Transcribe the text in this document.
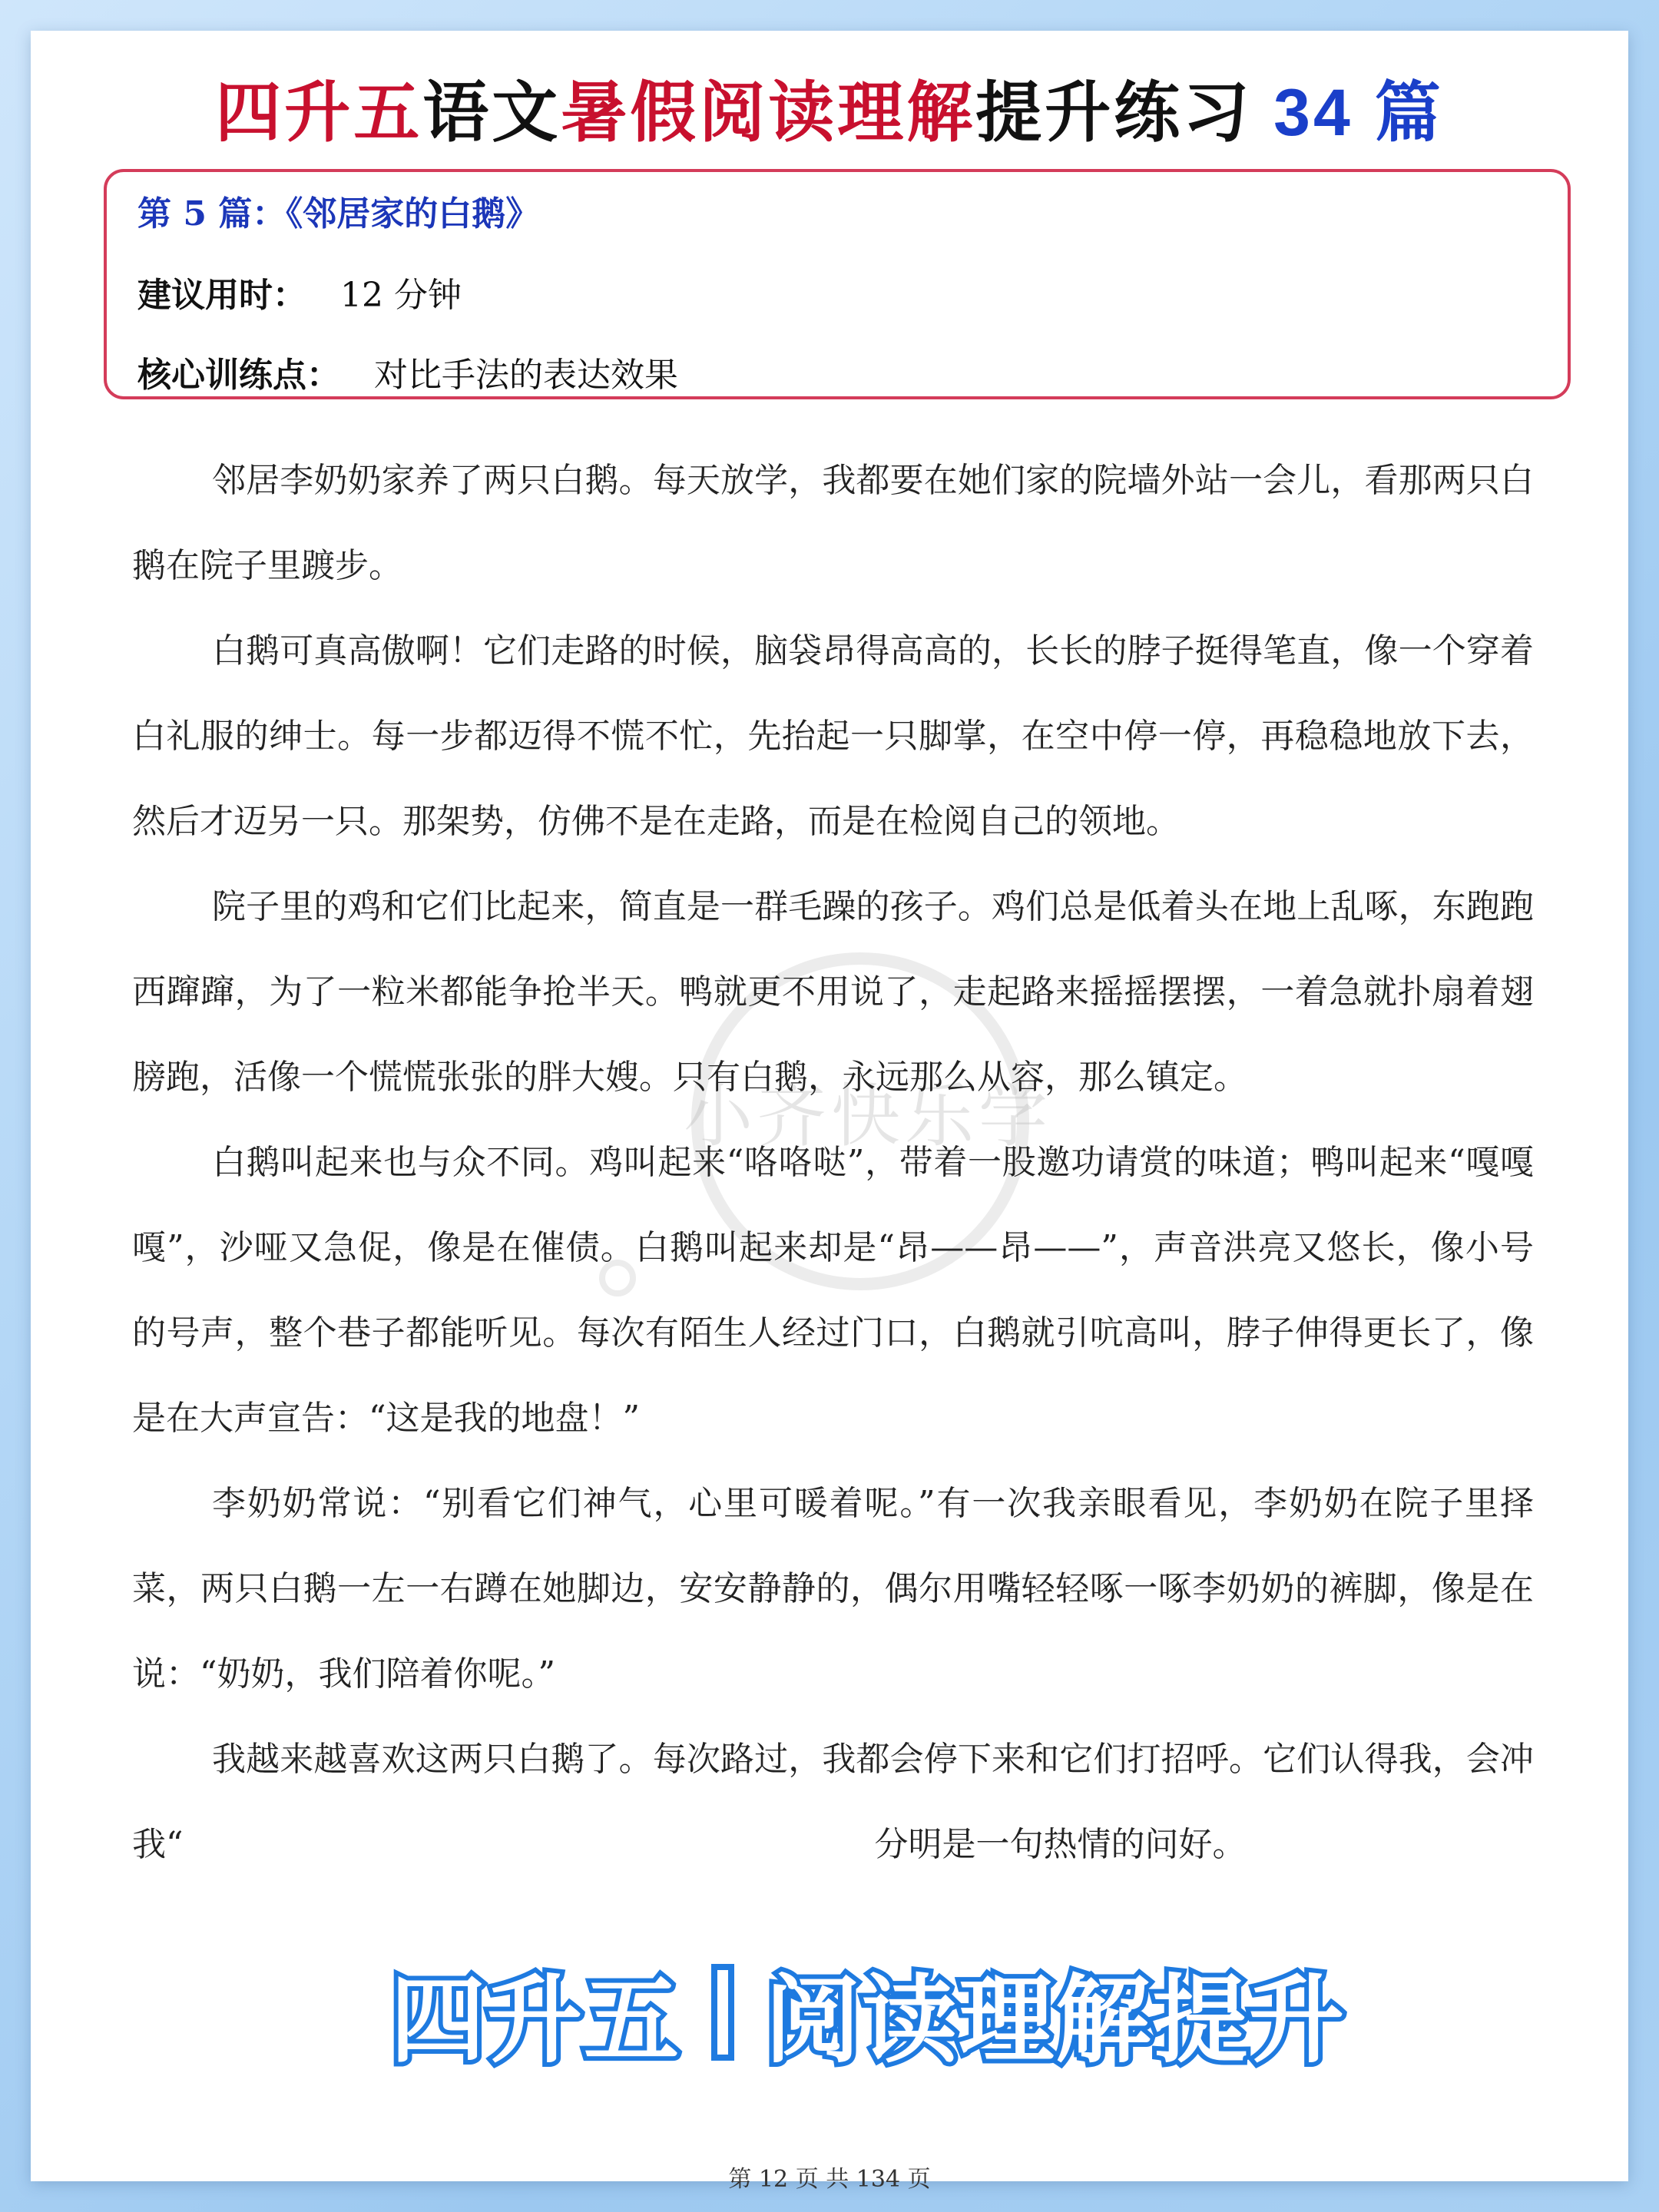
四升五语文暑假阅读理解提升练习 34 篇
第 5 篇：《邻居家的白鹅》
建议用时： 12 分钟
核心训练点： 对比手法的表达效果
小齐快乐学

邻居李奶奶家养了两只白鹅。每天放学，我都要在她们家的院墙外站一会儿，看那两只白鹅在院子里踱步。

白鹅可真高傲啊！它们走路的时候，脑袋昂得高高的，长长的脖子挺得笔直，像一个穿着白礼服的绅士。每一步都迈得不慌不忙，先抬起一只脚掌，在空中停一停，再稳稳地放下去，然后才迈另一只。那架势，仿佛不是在走路，而是在检阅自己的领地。

院子里的鸡和它们比起来，简直是一群毛躁的孩子。鸡们总是低着头在地上乱啄，东跑跑西蹿蹿，为了一粒米都能争抢半天。鸭就更不用说了，走起路来摇摇摆摆，一着急就扑扇着翅膀跑，活像一个慌慌张张的胖大嫂。只有白鹅，永远那么从容，那么镇定。

白鹅叫起来也与众不同。鸡叫起来“咯咯哒”，带着一股邀功请赏的味道；鸭叫起来“嘎嘎嘎”，沙哑又急促，像是在催债。白鹅叫起来却是“昂——昂——”，声音洪亮又悠长，像小号的号声，整个巷子都能听见。每次有陌生人经过门口，白鹅就引吭高叫，脖子伸得更长了，像是在大声宣告：“这是我的地盘！”

李奶奶常说：“别看它们神气，心里可暖着呢。”有一次我亲眼看见，李奶奶在院子里择菜，两只白鹅一左一右蹲在她脚边，安安静静的，偶尔用嘴轻轻啄一啄李奶奶的裤脚，像是在说：“奶奶，我们陪着你呢。”

我越来越喜欢这两只白鹅了。每次路过，我都会停下来和它们打招呼。它们认得我，会冲我“	分明是一句热情的问好。

第 12 页 共 134 页
四升五 阅读理解提升
